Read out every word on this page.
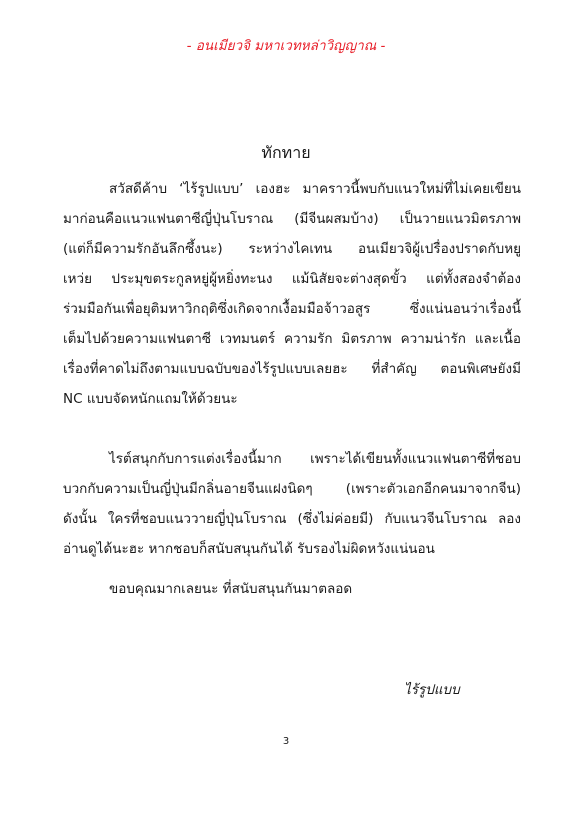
- อนเมียวจิ มหาเวทหล่าวิญญาณ -
ทักทาย
สวัสดีค้าบ ‘ไร้รูปแบบ’ เองฮะ มาคราวนี้พบกับแนวใหม่ที่ไม่เคยเขียน
มาก่อนคือแนวแฟนตาซีญี่ปุ่นโบราณ (มีจีนผสมบ้าง) เป็นวายแนวมิตรภาพ
(แต่ก็มีความรักอันลึกซึ้งนะ) ระหว่างไคเทน อนเมียวจิผู้เปรื่องปราดกับหยู
เหว่ย ประมุขตระกูลหยู่ผู้หยิ่งทะนง แม้นิสัยจะต่างสุดขั้ว แต่ทั้งสองจำต้อง
ร่วมมือกันเพื่อยุติมหาวิกฤติซึ่งเกิดจากเงื้อมมือจ้าวอสูร ซึ่งแน่นอนว่าเรื่องนี้
เต็มไปด้วยความแฟนตาซี เวทมนตร์ ความรัก มิตรภาพ ความน่ารัก และเนื้อ
เรื่องที่คาดไม่ถึงตามแบบฉบับของไร้รูปแบบเลยฮะ ที่สำคัญ ตอนพิเศษยังมี
NC แบบจัดหนักแถมให้ด้วยนะ
ไรต์สนุกกับการแต่งเรื่องนี้มาก เพราะได้เขียนทั้งแนวแฟนตาซีที่ชอบ
บวกกับความเป็นญี่ปุ่นมีกลิ่นอายจีนแฝงนิดๆ (เพราะตัวเอกอีกคนมาจากจีน)
ดังนั้น ใครที่ชอบแนววายญี่ปุ่นโบราณ (ซึ่งไม่ค่อยมี) กับแนวจีนโบราณ ลอง
อ่านดูได้นะฮะ หากชอบก็สนับสนุนกันได้ รับรองไม่ผิดหวังแน่นอน
ขอบคุณมากเลยนะ ที่สนับสนุนกันมาตลอด
ไร้รูปแบบ
3
